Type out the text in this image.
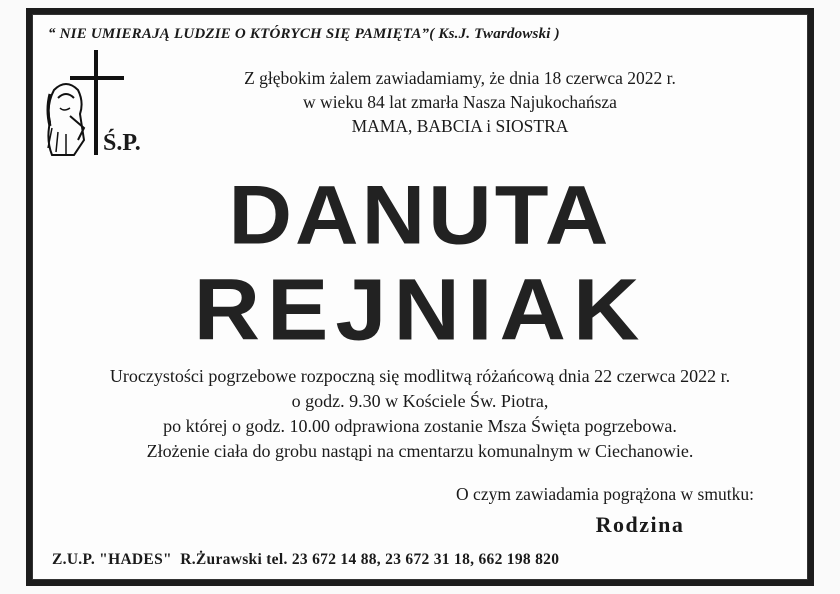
“ NIE UMIERAJĄ LUDZIE O KTÓRYCH SIĘ PAMIĘTA”( Ks.J. Twardowski )
Ś.P.
Z głębokim żalem zawiadamiamy, że dnia 18 czerwca 2022 r.
w wieku 84 lat zmarła Nasza Najukochańsza
MAMA, BABCIA i SIOSTRA
DANUTA
REJNIAK
Uroczystości pogrzebowe rozpoczną się modlitwą różańcową dnia 22 czerwca 2022 r.
o godz. 9.30 w Kościele Św. Piotra,
po której o godz. 10.00 odprawiona zostanie Msza Święta pogrzebowa.
Złożenie ciała do grobu nastąpi na cmentarzu komunalnym w Ciechanowie.
O czym zawiadamia pogrążona w smutku:
Rodzina
Z.U.P. "HADES"  R.Żurawski tel. 23 672 14 88, 23 672 31 18, 662 198 820
